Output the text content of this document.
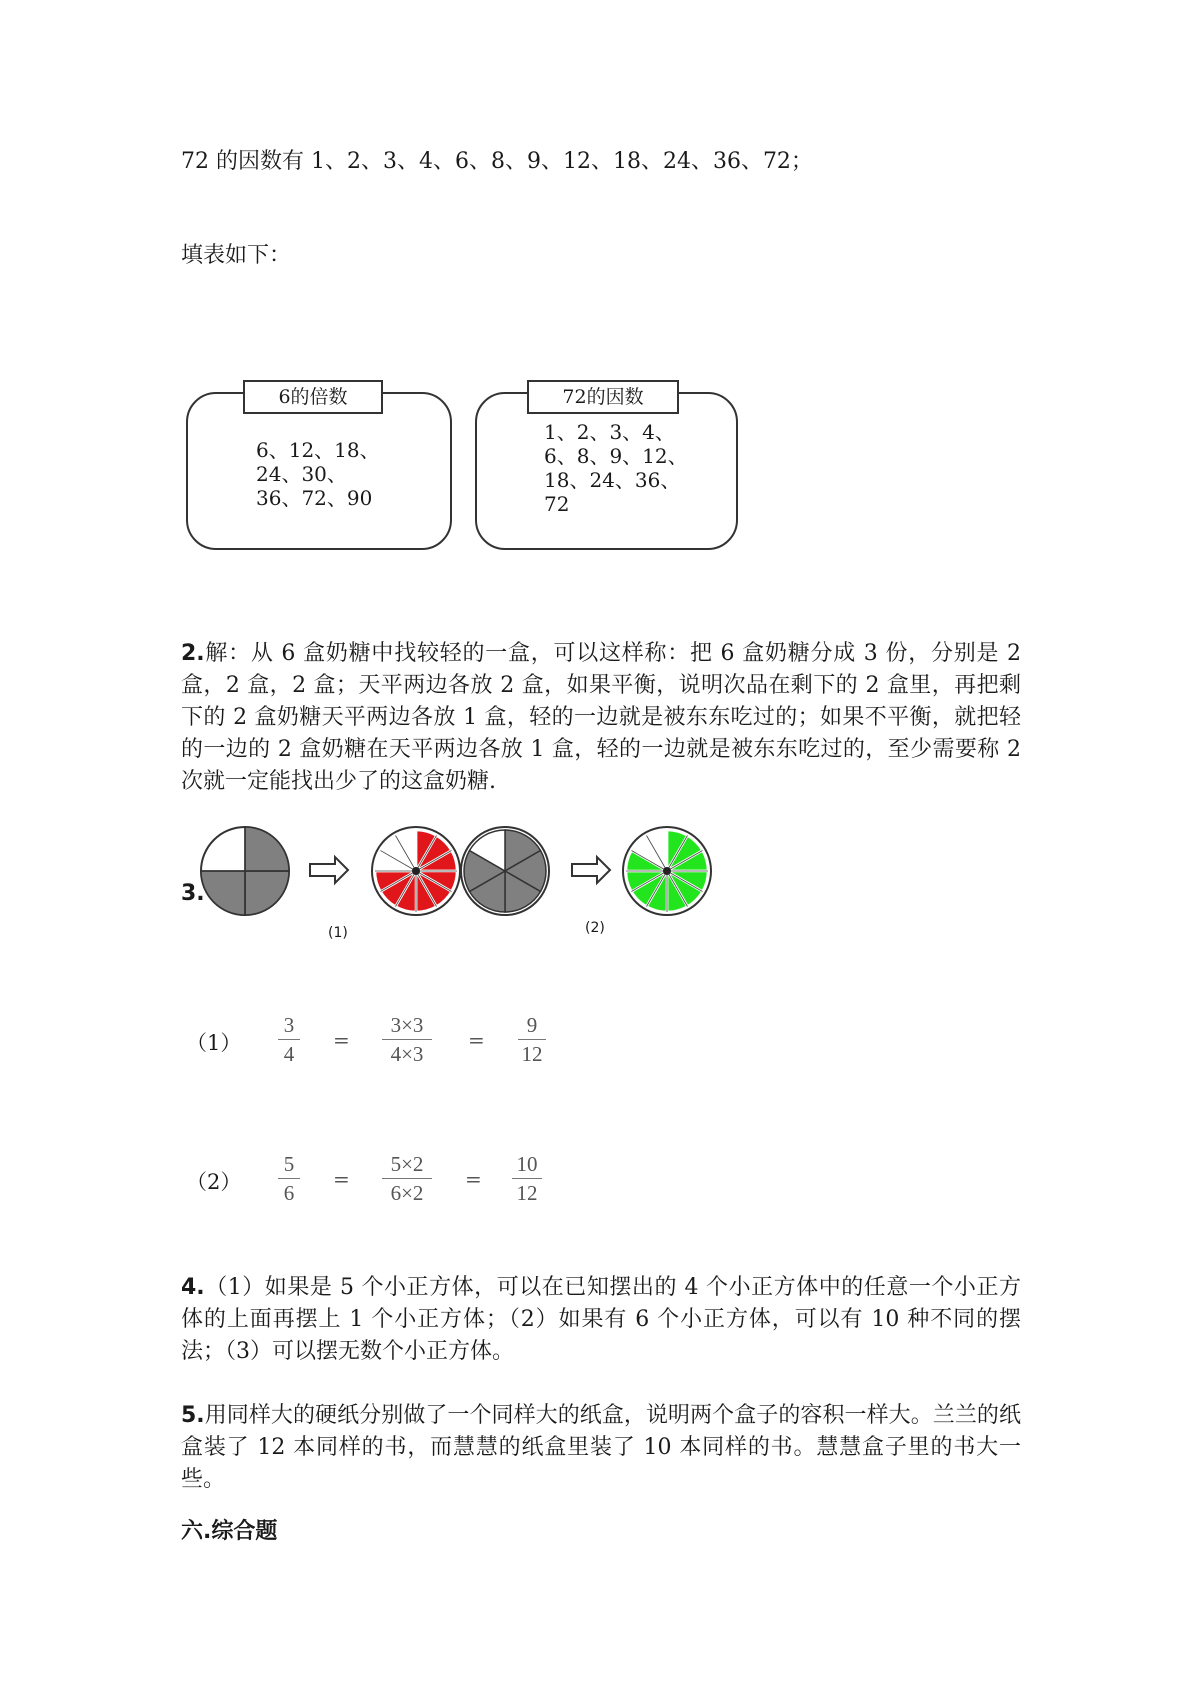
72 的因数有 1、2、3、4、6、8、9、12、18、24、36、72；
填表如下：
6的倍数
6、12、18、
24、30、
36、72、90
72的因数
1、2、3、4、
6、8、9、12、
18、24、36、
72
2.解：从 6 盒奶糖中找较轻的一盒，可以这样称：把 6 盒奶糖分成 3 份，分别是 2 盒，2 盒，2 盒；天平两边各放 2 盒，如果平衡，说明次品在剩下的 2 盒里，再把剩下的 2 盒奶糖天平两边各放 1 盒，轻的一边就是被东东吃过的；如果不平衡，就把轻的一边的 2 盒奶糖在天平两边各放 1 盒，轻的一边就是被东东吃过的，至少需要称 2 次就一定能找出少了的这盒奶糖.
3.
(1)	(2)
（1）
3
4
=
3×3
4×3
=
9
12
（2）
5
6
=
5×2
6×2
=
10
12
4.（1）如果是 5 个小正方体，可以在已知摆出的 4 个小正方体中的任意一个小正方体的上面再摆上 1 个小正方体；（2）如果有 6 个小正方体，可以有 10 种不同的摆法；（3）可以摆无数个小正方体。
5.用同样大的硬纸分别做了一个同样大的纸盒，说明两个盒子的容积一样大。兰兰的纸盒装了 12 本同样的书，而慧慧的纸盒里装了 10 本同样的书。慧慧盒子里的书大一些。
六.综合题
